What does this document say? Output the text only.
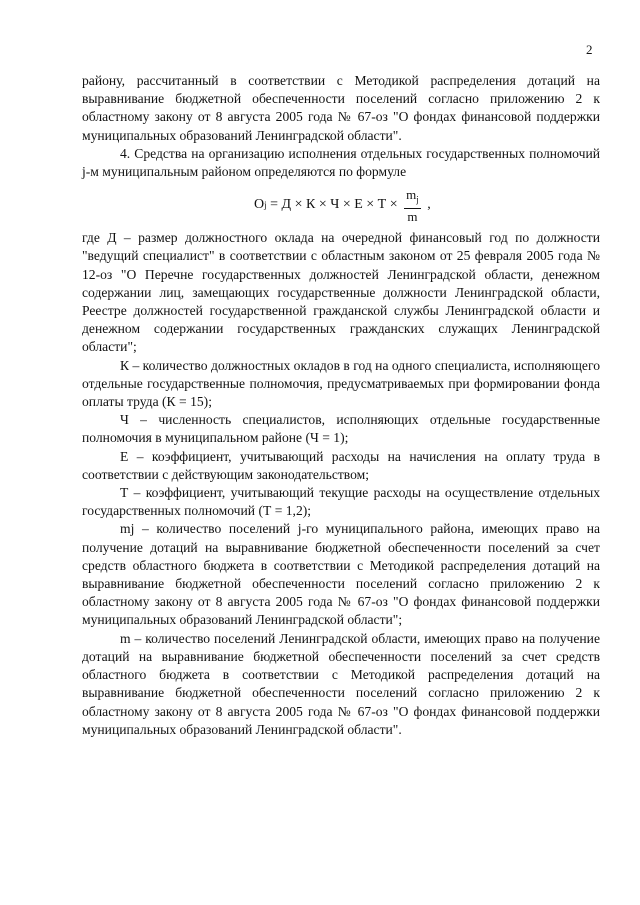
2

району, рассчитанный в соответствии с Методикой распределения дотаций на выравнивание бюджетной обеспеченности поселений согласно приложению 2 к областному закону от 8 августа 2005 года № 67-оз "О фондах финансовой поддержки муниципальных образований Ленинградской области".

4. Средства на организацию исполнения отдельных государственных полномочий j-м муниципальным районом определяются по формуле

O $j = Д \times К \times Ч \times Е \times Т \times \frac{m_j}{m}$ ,

где Д – размер должностного оклада на очередной финансовый год по должности "ведущий специалист" в соответствии с областным законом от 25 февраля 2005 года № 12-оз "О Перечне государственных должностей Ленинградской области, денежном содержании лиц, замещающих государственные должности Ленинградской области, Реестре должностей государственной гражданской службы Ленинградской области и денежном содержании государственных гражданских служащих Ленинградской области";

К – количество должностных окладов в год на одного специалиста, исполняющего отдельные государственные полномочия, предусматриваемых при формировании фонда оплаты труда (К = 15);

Ч – численность специалистов, исполняющих отдельные государственные полномочия в муниципальном районе (Ч = 1);

Е – коэффициент, учитывающий расходы на начисления на оплату труда в соответствии с действующим законодательством;

Т – коэффициент, учитывающий текущие расходы на осуществление отдельных государственных полномочий (Т = 1,2);

mj – количество поселений j-го муниципального района, имеющих право на получение дотаций на выравнивание бюджетной обеспеченности поселений за счет средств областного бюджета в соответствии с Методикой распределения дотаций на выравнивание бюджетной обеспеченности поселений согласно приложению 2 к областному закону от 8 августа 2005 года № 67-оз "О фондах финансовой поддержки муниципальных образований Ленинградской области";

m – количество поселений Ленинградской области, имеющих право на получение дотаций на выравнивание бюджетной обеспеченности поселений за счет средств областного бюджета в соответствии с Методикой распределения дотаций на выравнивание бюджетной обеспеченности поселений согласно приложению 2 к областному закону от 8 августа 2005 года № 67-оз "О фондах финансовой поддержки муниципальных образований Ленинградской области".
